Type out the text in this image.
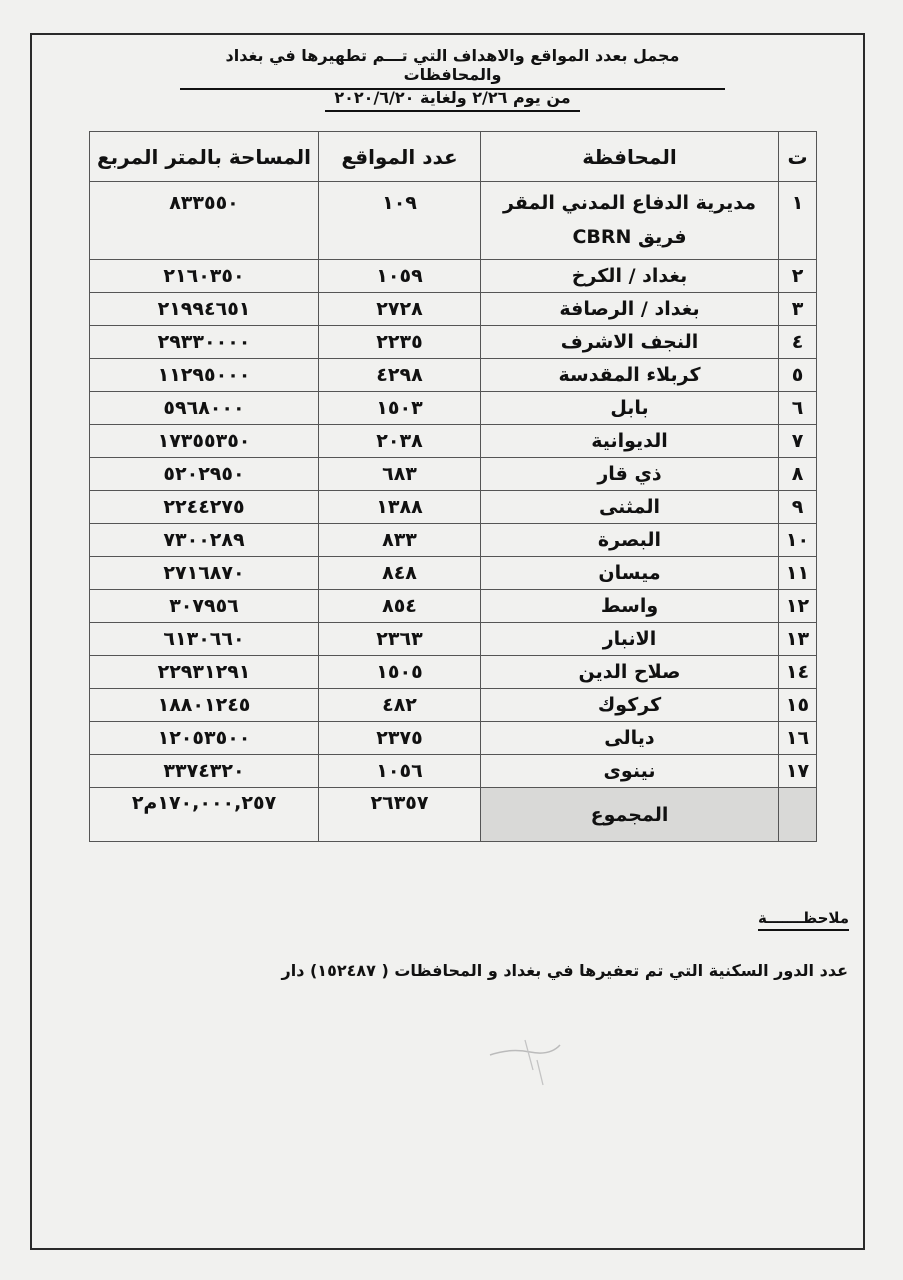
مجمل بعدد المواقع والاهداف التي تـــم تطهيرها في بغداد والمحافظات
من يوم ٢/٢٦ ولغاية ٢٠٢٠/٦/٢٠
ت	المحافظة	عدد المواقع	المساحة بالمتر المربع
١	مديرية الدفاع المدني المقر فريق CBRN	١٠٩	٨٣٣٥٥٠
٢	بغداد / الكرخ	١٠٥٩	٢١٦٠٣٥٠
٣	بغداد / الرصافة	٢٧٢٨	٢١٩٩٤٦٥١
٤	النجف الاشرف	٢٢٣٥	٢٩٣٣٠٠٠٠
٥	كربلاء المقدسة	٤٢٩٨	١١٢٩٥٠٠٠
٦	بابل	١٥٠٣	٥٩٦٨٠٠٠
٧	الديوانية	٢٠٣٨	١٧٣٥٥٣٥٠
٨	ذي قار	٦٨٣	٥٢٠٢٩٥٠
٩	المثنى	١٣٨٨	٢٢٤٤٢٧٥
١٠	البصرة	٨٣٣	٧٣٠٠٢٨٩
١١	ميسان	٨٤٨	٢٧١٦٨٧٠
١٢	واسط	٨٥٤	٣٠٧٩٥٦
١٣	الانبار	٢٣٦٣	٦١٣٠٦٦٠
١٤	صلاح الدين	١٥٠٥	٢٢٩٣١٢٩١
١٥	كركوك	٤٨٢	١٨٨٠١٢٤٥
١٦	ديالى	٢٣٧٥	١٢٠٥٣٥٠٠
١٧	نينوى	١٠٥٦	٣٣٧٤٣٢٠
	المجموع	٢٦٣٥٧	١٧٠,٠٠٠,٢٥٧م٢
ملاحظـــــــة
عدد الدور السكنية التي تم تعفيرها في بغداد و المحافظات ( ١٥٢٤٨٧) دار
